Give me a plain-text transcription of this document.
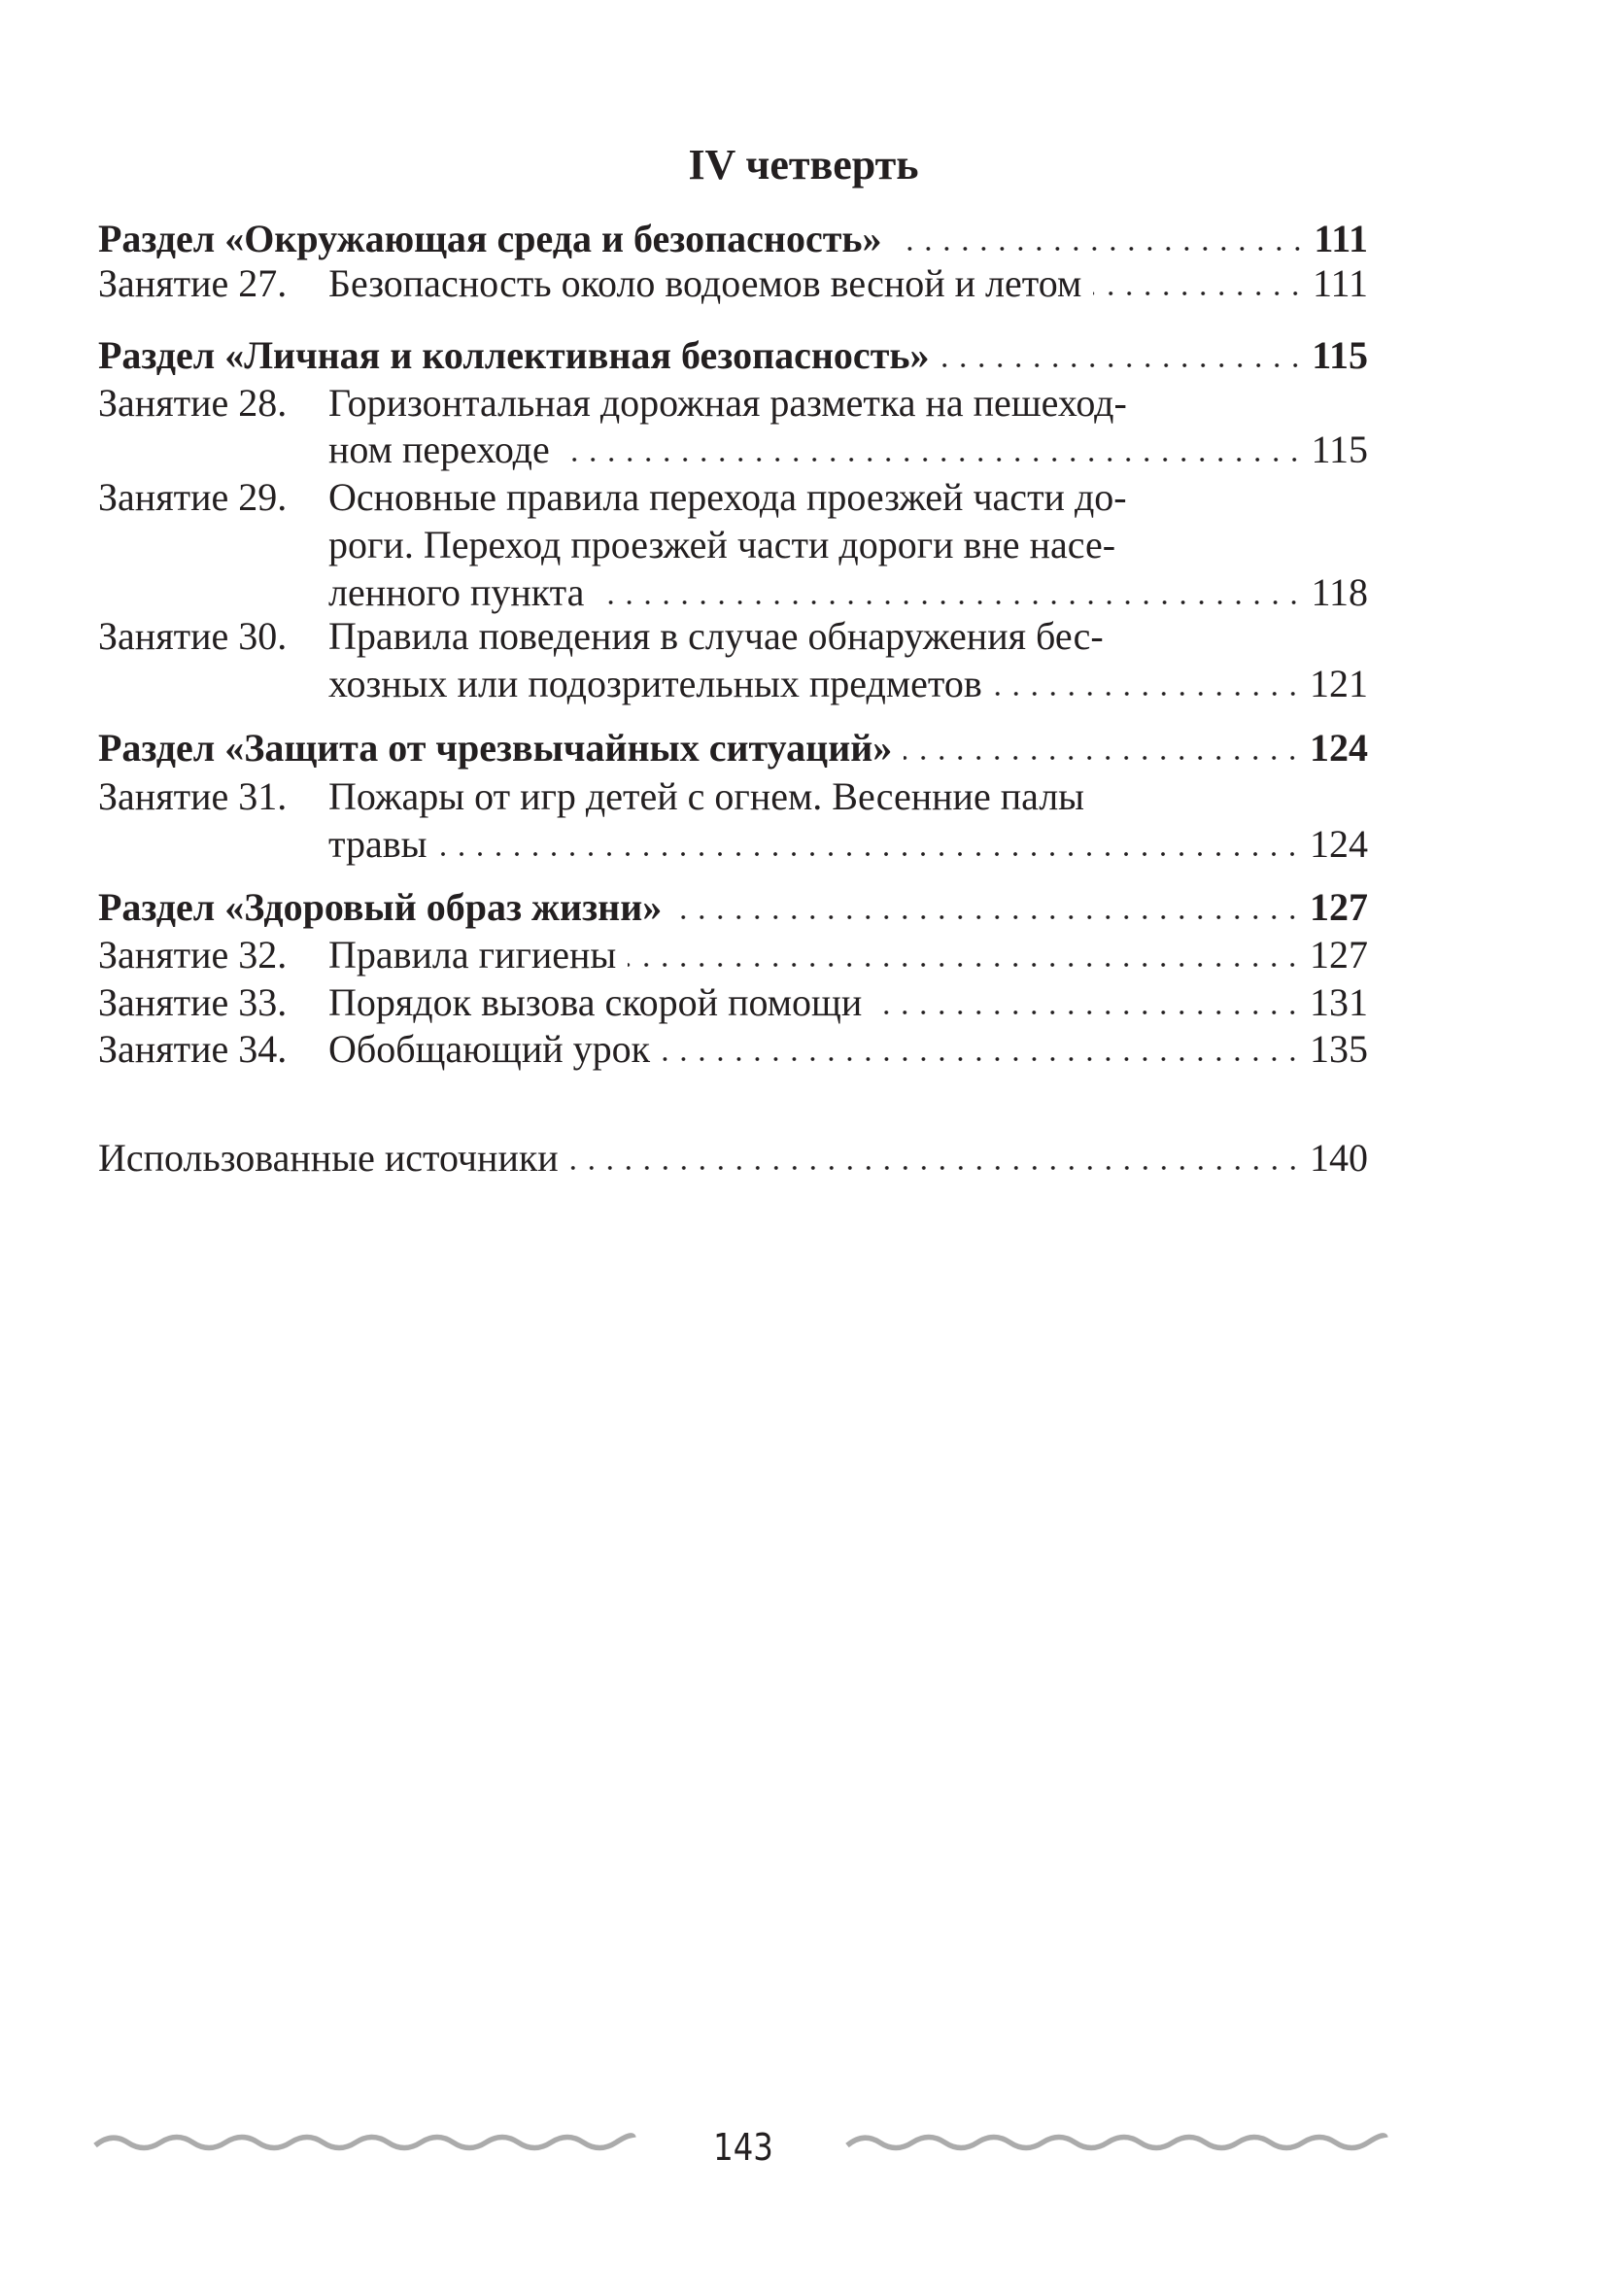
IV четверть
Раздел «Окружающая среда и безопасность»	111
Занятие 27.	Безопасность около водоемов весной и летом	111
Раздел «Личная и коллективная безопасность»	115
Занятие 28.	Горизонтальная дорожная разметка на пешеход-
ном переходе	115
Занятие 29.	Основные правила перехода проезжей части до-
роги. Переход проезжей части дороги вне насе-
ленного пункта	118
Занятие 30.	Правила поведения в случае обнаружения бес-
хозных или подозрительных предметов	121
Раздел «Защита от чрезвычайных ситуаций»	124
Занятие 31.	Пожары от игр детей с огнем. Весенние палы
травы	124
Раздел «Здоровый образ жизни»	127
Занятие 32.	Правила гигиены	127
Занятие 33.	Порядок вызова скорой помощи	131
Занятие 34.	Обобщающий урок	135
Использованные источники	140
143
